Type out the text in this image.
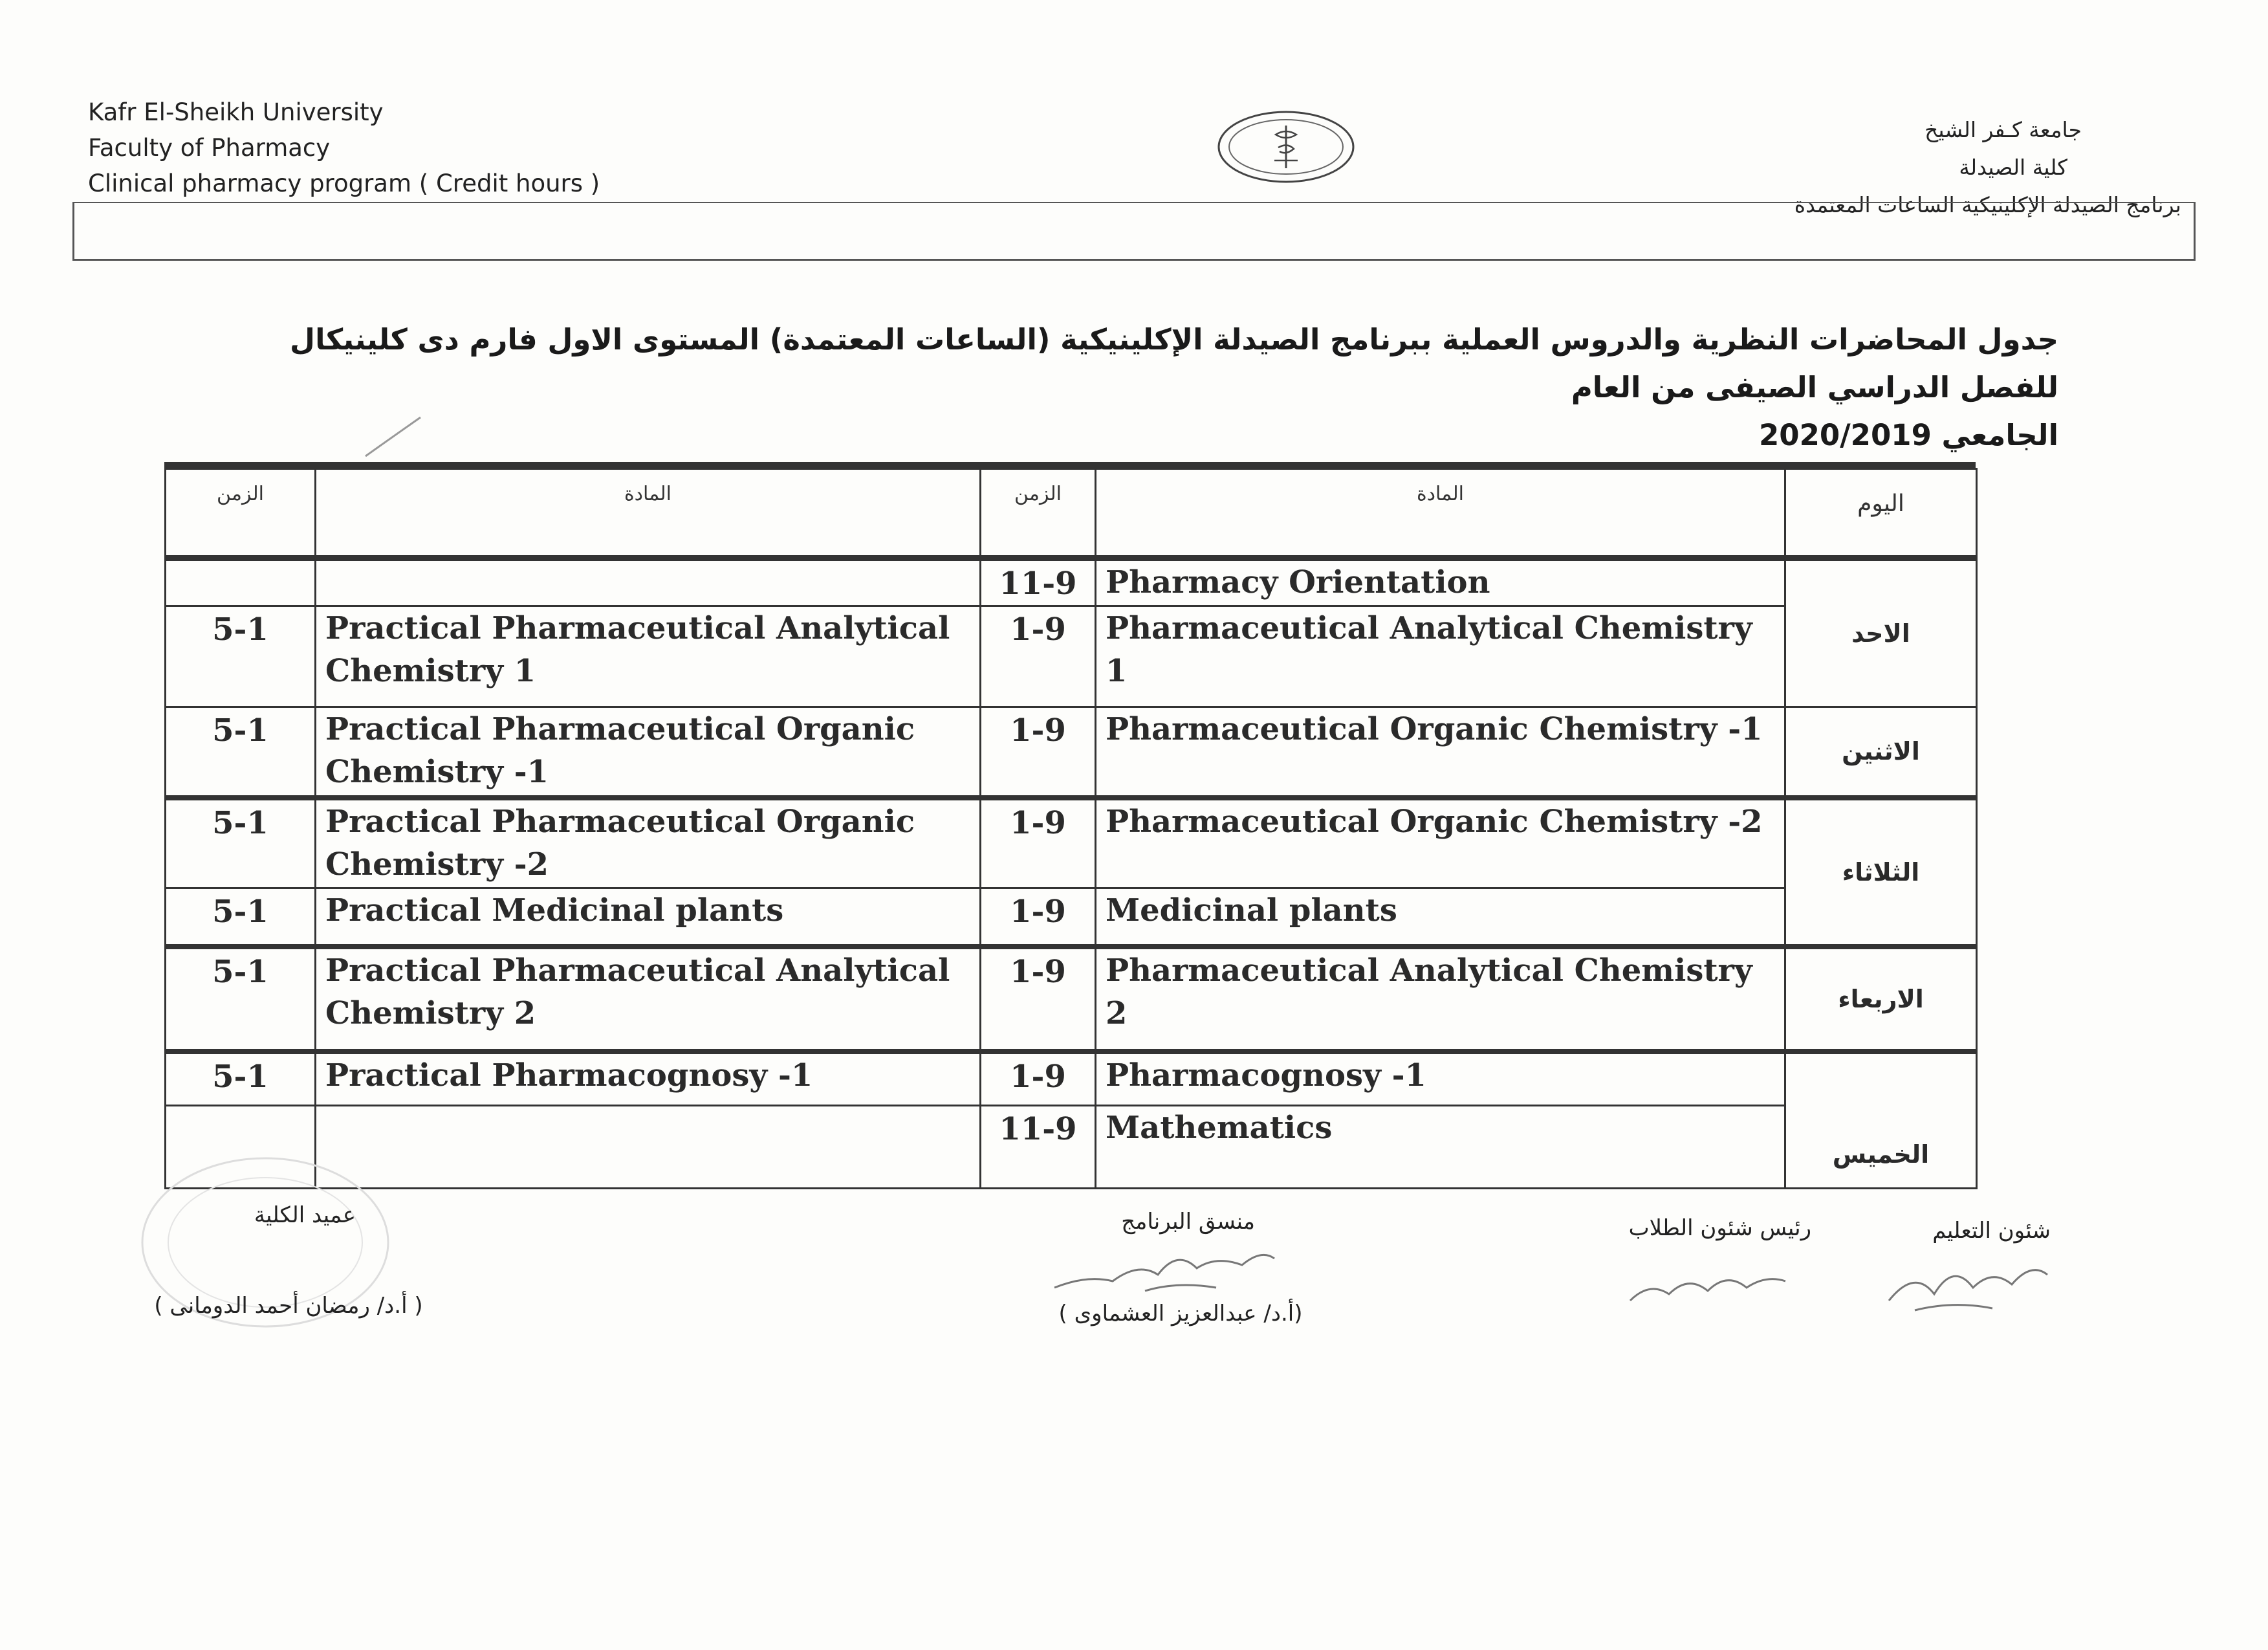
Kafr El-Sheikh University
Faculty of Pharmacy
Clinical pharmacy program ( Credit hours )
جامعة كـفر الشيخ
كلية الصيدلة
برنامج الصيدلة الإكلينيكية الساعات المعتمدة
جدول المحاضرات النظرية والدروس العملية ببرنامج الصيدلة الإكلينيكية (الساعات المعتمدة) المستوى الاول فارم دى كلينيكال للفصل الدراسي الصيفى من العام
الجامعي 2020/2019
الزمن	المادة	الزمن	المادة	اليوم
		11-9	Pharmacy Orientation	الاحد
5-1	Practical Pharmaceutical Analytical Chemistry 1	1-9	Pharmaceutical Analytical Chemistry 1	
5-1	Practical Pharmaceutical Organic Chemistry -1	1-9	Pharmaceutical Organic Chemistry -1	الاثنين
5-1	Practical Pharmaceutical Organic Chemistry -2	1-9	Pharmaceutical Organic Chemistry -2	الثلاثاء
5-1	Practical Medicinal plants	1-9	Medicinal plants	
5-1	Practical Pharmaceutical Analytical Chemistry 2	1-9	Pharmaceutical Analytical Chemistry 2	الاربعاء
5-1	Practical Pharmacognosy -1	1-9	Pharmacognosy -1	الخميس
		11-9	Mathematics	
عميد الكلية
( أ.د/ رمضان أحمد الدومانى )
منسق البرنامج
(أ.د/ عبدالعزيز العشماوى )
رئيس شئون الطلاب	شئون التعليم
